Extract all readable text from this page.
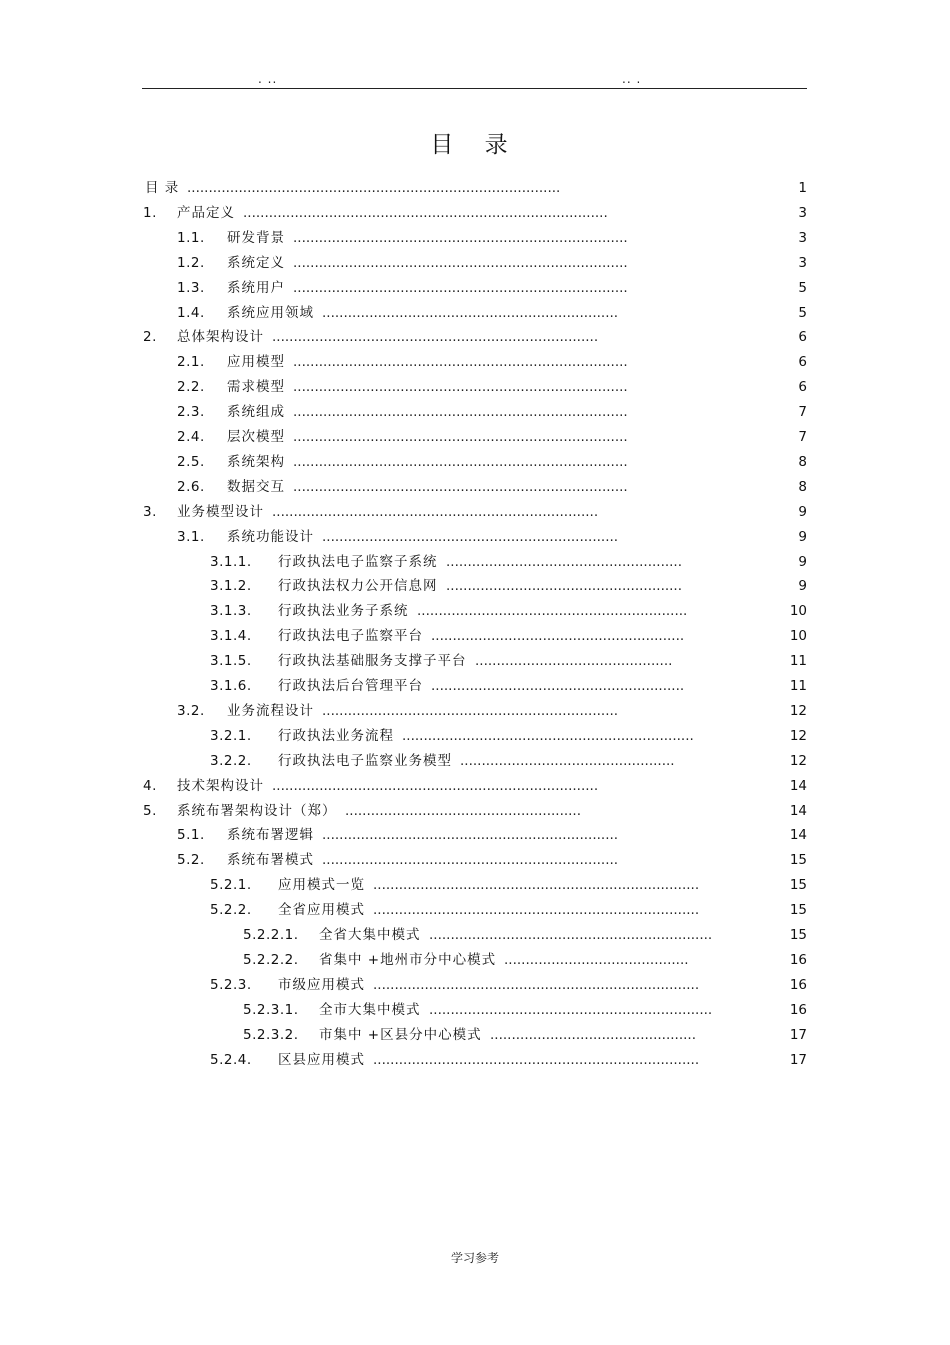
. ..	.. .
目 录
目 录	1
.......................................................................................
1. 产品定义	3
.....................................................................................
1.1. 研发背景	3
..............................................................................
1.2. 系统定义	3
..............................................................................
1.3. 系统用户	5
..............................................................................
1.4. 系统应用领域	5
.....................................................................
2. 总体架构设计	6
............................................................................
2.1. 应用模型	6
..............................................................................
2.2. 需求模型	6
..............................................................................
2.3. 系统组成	7
..............................................................................
2.4. 层次模型	7
..............................................................................
2.5. 系统架构	8
..............................................................................
2.6. 数据交互	8
..............................................................................
3. 业务模型设计	9
............................................................................
3.1. 系统功能设计	9
.....................................................................
3.1.1. 行政执法电子监察子系统	9
.......................................................
3.1.2. 行政执法权力公开信息网	9
.......................................................
3.1.3. 行政执法业务子系统	10
...............................................................
3.1.4. 行政执法电子监察平台	10
...........................................................
3.1.5. 行政执法基础服务支撑子平台	11
..............................................
3.1.6. 行政执法后台管理平台	11
...........................................................
3.2. 业务流程设计	12
.....................................................................
3.2.1. 行政执法业务流程	12
....................................................................
3.2.2. 行政执法电子监察业务模型	12
..................................................
4. 技术架构设计	14
............................................................................
5. 系统布署架构设计（郑）	14
.......................................................
5.1. 系统布署逻辑	14
.....................................................................
5.2. 系统布署模式	15
.....................................................................
5.2.1. 应用模式一览	15
............................................................................
5.2.2. 全省应用模式	15
............................................................................
5.2.2.1. 全省大集中模式	15
..................................................................
5.2.2.2. 省集中 +地州市分中心模式	16
...........................................
5.2.3. 市级应用模式	16
............................................................................
5.2.3.1. 全市大集中模式	16
..................................................................
5.2.3.2. 市集中 +区县分中心模式	17
................................................
5.2.4. 区县应用模式	17
............................................................................
学习参考
